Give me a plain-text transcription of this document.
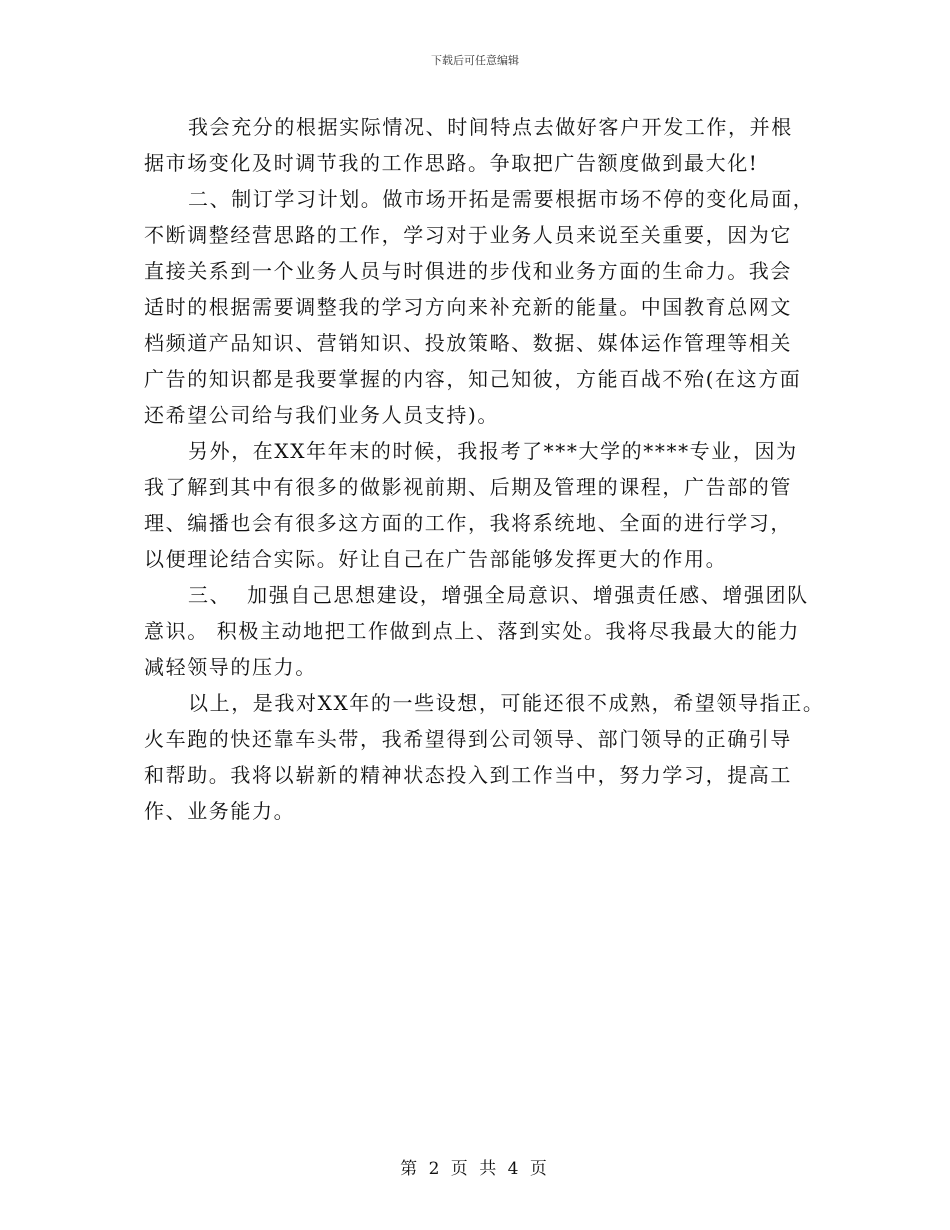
下载后可任意编辑
我会充分的根据实际情况、时间特点去做好客户开发工作，并根
据市场变化及时调节我的工作思路。争取把广告额度做到最大化!
二、制订学习计划。做市场开拓是需要根据市场不停的变化局面，
不断调整经营思路的工作，学习对于业务人员来说至关重要，因为它
直接关系到一个业务人员与时俱进的步伐和业务方面的生命力。我会
适时的根据需要调整我的学习方向来补充新的能量。中国教育总网文
档频道产品知识、营销知识、投放策略、数据、媒体运作管理等相关
广告的知识都是我要掌握的内容，知己知彼，方能百战不殆(在这方面
还希望公司给与我们业务人员支持)。
另外，在XX年年末的时候，我报考了***大学的****专业，因为
我了解到其中有很多的做影视前期、后期及管理的课程，广告部的管
理、编播也会有很多这方面的工作，我将系统地、全面的进行学习，
以便理论结合实际。好让自己在广告部能够发挥更大的作用。
三、  加强自己思想建设，增强全局意识、增强责任感、增强团队
意识。 积极主动地把工作做到点上、落到实处。我将尽我最大的能力
减轻领导的压力。
以上，是我对XX年的一些设想，可能还很不成熟，希望领导指正。
火车跑的快还靠车头带，我希望得到公司领导、部门领导的正确引导
和帮助。我将以崭新的精神状态投入到工作当中，努力学习，提高工
作、业务能力。
第 2 页 共 4 页
